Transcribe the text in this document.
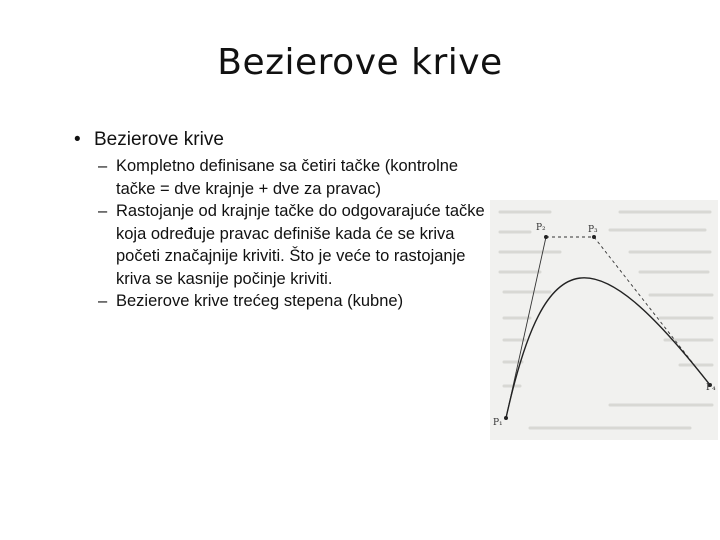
Bezierove krive
• Bezierove krive
– Kompletno definisane sa četiri tačke (kontrolne tačke = dve krajnje + dve za pravac)
– Rastojanje od krajnje tačke do odgovarajuće tačke koja određuje pravac definiše kada će se kriva početi značajnije kriviti. Što je veće to rastojanje kriva se kasnije počinje kriviti.
– Bezierove krive trećeg stepena (kubne)
P₁
P₂	P₃
P₄
